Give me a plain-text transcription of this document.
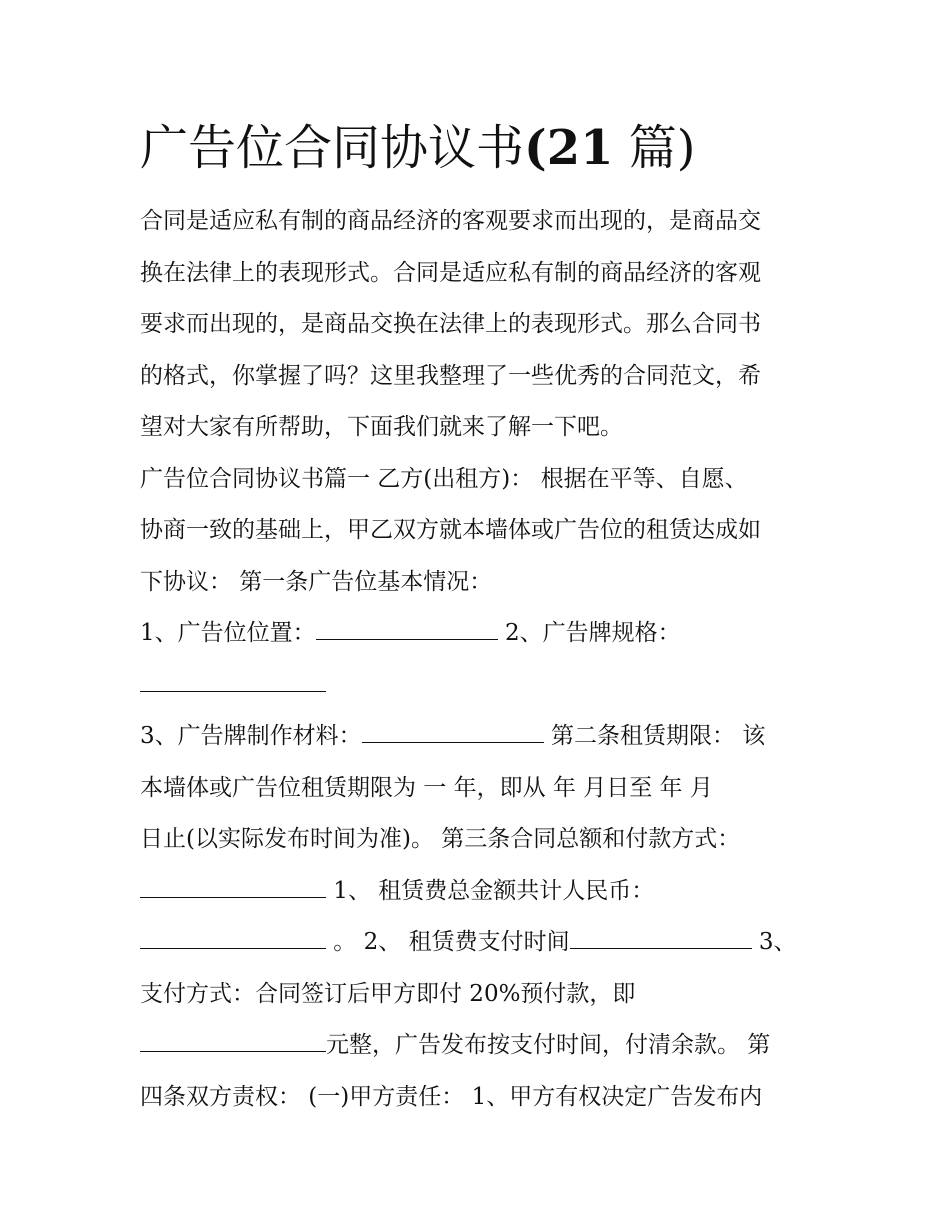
广告位合同协议书(21 篇)
合同是适应私有制的商品经济的客观要求而出现的，是商品交
换在法律上的表现形式。合同是适应私有制的商品经济的客观
要求而出现的，是商品交换在法律上的表现形式。那么合同书
的格式，你掌握了吗？这里我整理了一些优秀的合同范文，希
望对大家有所帮助，下面我们就来了解一下吧。
广告位合同协议书篇一 乙方(出租方)： 根据在平等、自愿、
协商一致的基础上，甲乙双方就本墙体或广告位的租赁达成如
下协议： 第一条广告位基本情况：
1、广告位位置：	2、广告牌规格：
3、广告牌制作材料：	第二条租赁期限： 该
本墙体或广告位租赁期限为 一 年，即从 年 月日至 年 月
日止(以实际发布时间为准)。 第三条合同总额和付款方式：
1、 租赁费总金额共计人民币：
。 2、 租赁费支付时间	3、
支付方式：合同签订后甲方即付 20%预付款，即
元整，广告发布按支付时间，付清余款。 第
四条双方责权： (一)甲方责任： 1、甲方有权决定广告发布内
